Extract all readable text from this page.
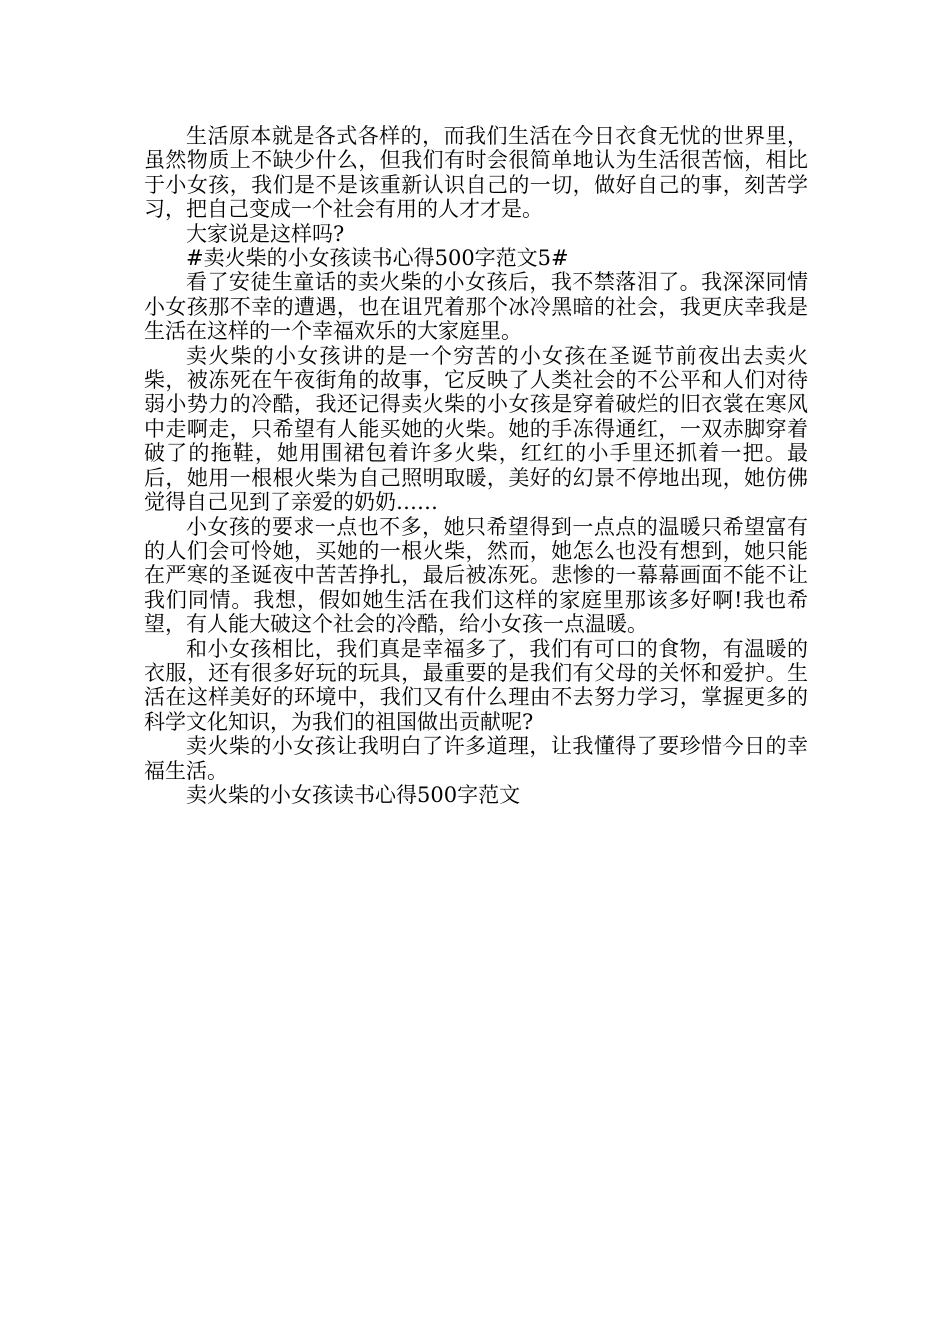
生活原本就是各式各样的，而我们生活在今日衣食无忧的世界里，虽然物质上不缺少什么，但我们有时会很简单地认为生活很苦恼，相比于小女孩，我们是不是该重新认识自己的一切，做好自己的事，刻苦学习，把自己变成一个社会有用的人才才是。

大家说是这样吗?

#卖火柴的小女孩读书心得500字范文5#

看了安徒生童话的卖火柴的小女孩后，我不禁落泪了。我深深同情小女孩那不幸的遭遇，也在诅咒着那个冰冷黑暗的社会，我更庆幸我是生活在这样的一个幸福欢乐的大家庭里。

卖火柴的小女孩讲的是一个穷苦的小女孩在圣诞节前夜出去卖火柴，被冻死在午夜街角的故事，它反映了人类社会的不公平和人们对待弱小势力的冷酷，我还记得卖火柴的小女孩是穿着破烂的旧衣裳在寒风中走啊走，只希望有人能买她的火柴。她的手冻得通红，一双赤脚穿着破了的拖鞋，她用围裙包着许多火柴，红红的小手里还抓着一把。最后，她用一根根火柴为自己照明取暖，美好的幻景不停地出现，她仿佛觉得自己见到了亲爱的奶奶……

小女孩的要求一点也不多，她只希望得到一点点的温暖只希望富有的人们会可怜她，买她的一根火柴，然而，她怎么也没有想到，她只能在严寒的圣诞夜中苦苦挣扎，最后被冻死。悲惨的一幕幕画面不能不让我们同情。我想，假如她生活在我们这样的家庭里那该多好啊!我也希望，有人能大破这个社会的冷酷，给小女孩一点温暖。

和小女孩相比，我们真是幸福多了，我们有可口的食物，有温暖的衣服，还有很多好玩的玩具，最重要的是我们有父母的关怀和爱护。生活在这样美好的环境中，我们又有什么理由不去努力学习，掌握更多的科学文化知识，为我们的祖国做出贡献呢?

卖火柴的小女孩让我明白了许多道理，让我懂得了要珍惜今日的幸福生活。

卖火柴的小女孩读书心得500字范文
